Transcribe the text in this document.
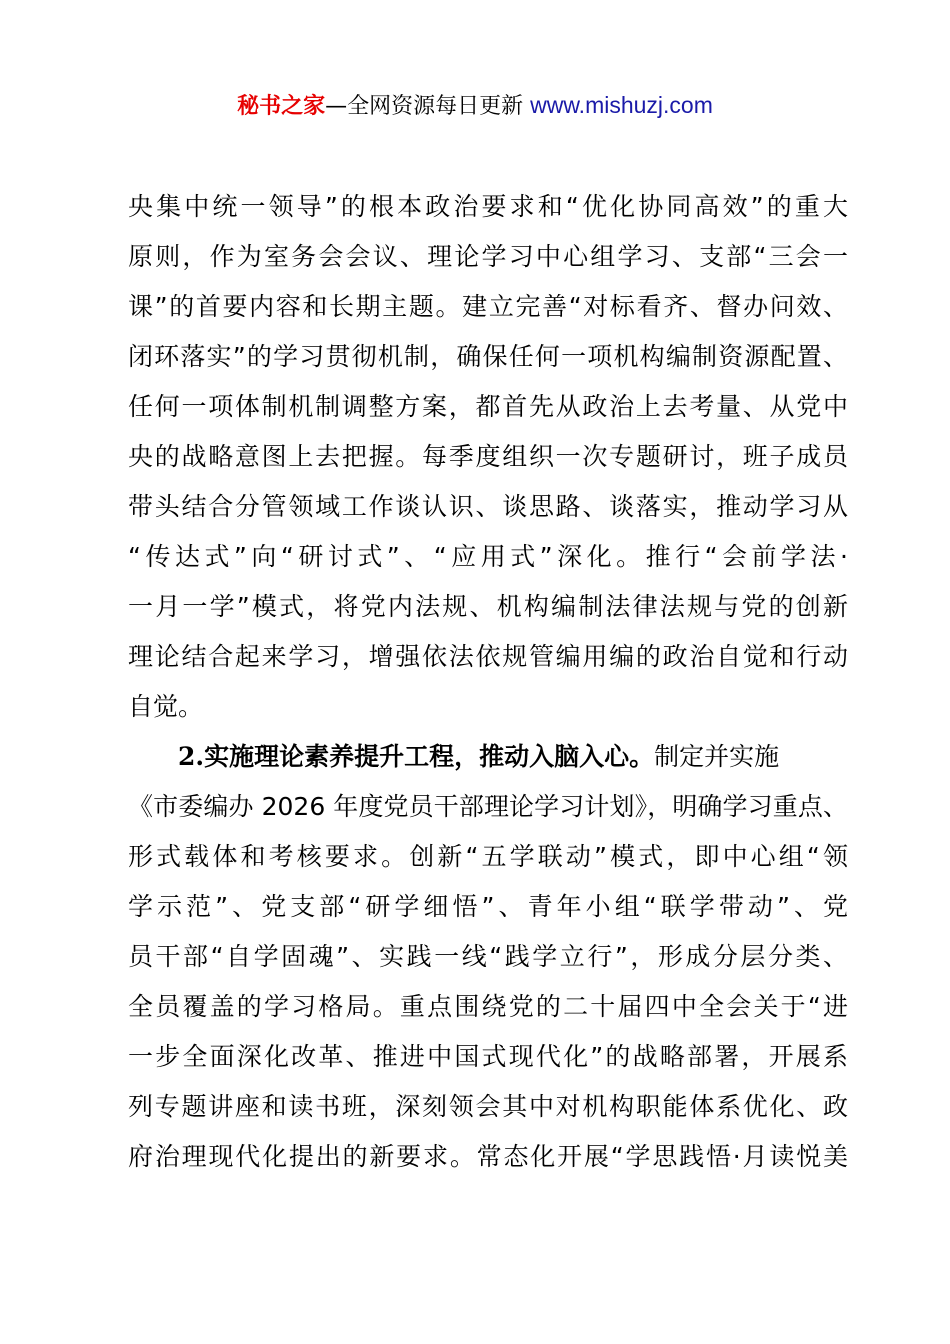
秘书之家—全网资源每日更新 www.mishuzj.com
央集中统一领导”的根本政治要求和“优化协同高效”的重大
原则，作为室务会会议、理论学习中心组学习、支部“三会一
课”的首要内容和长期主题。建立完善“对标看齐、督办问效、
闭环落实”的学习贯彻机制，确保任何一项机构编制资源配置、
任何一项体制机制调整方案，都首先从政治上去考量、从党中
央的战略意图上去把握。每季度组织一次专题研讨，班子成员
带头结合分管领域工作谈认识、谈思路、谈落实，推动学习从
“传达式”向“研讨式”、“应用式”深化。推行“会前学法·
一月一学”模式，将党内法规、机构编制法律法规与党的创新
理论结合起来学习，增强依法依规管编用编的政治自觉和行动
自觉。
2.实施理论素养提升工程，推动入脑入心。制定并实施
《市委编办 2026 年度党员干部理论学习计划》，明确学习重点、
形式载体和考核要求。创新“五学联动”模式，即中心组“领
学示范”、党支部“研学细悟”、青年小组“联学带动”、党
员干部“自学固魂”、实践一线“践学立行”，形成分层分类、
全员覆盖的学习格局。重点围绕党的二十届四中全会关于“进
一步全面深化改革、推进中国式现代化”的战略部署，开展系
列专题讲座和读书班，深刻领会其中对机构职能体系优化、政
府治理现代化提出的新要求。常态化开展“学思践悟·月读悦美
